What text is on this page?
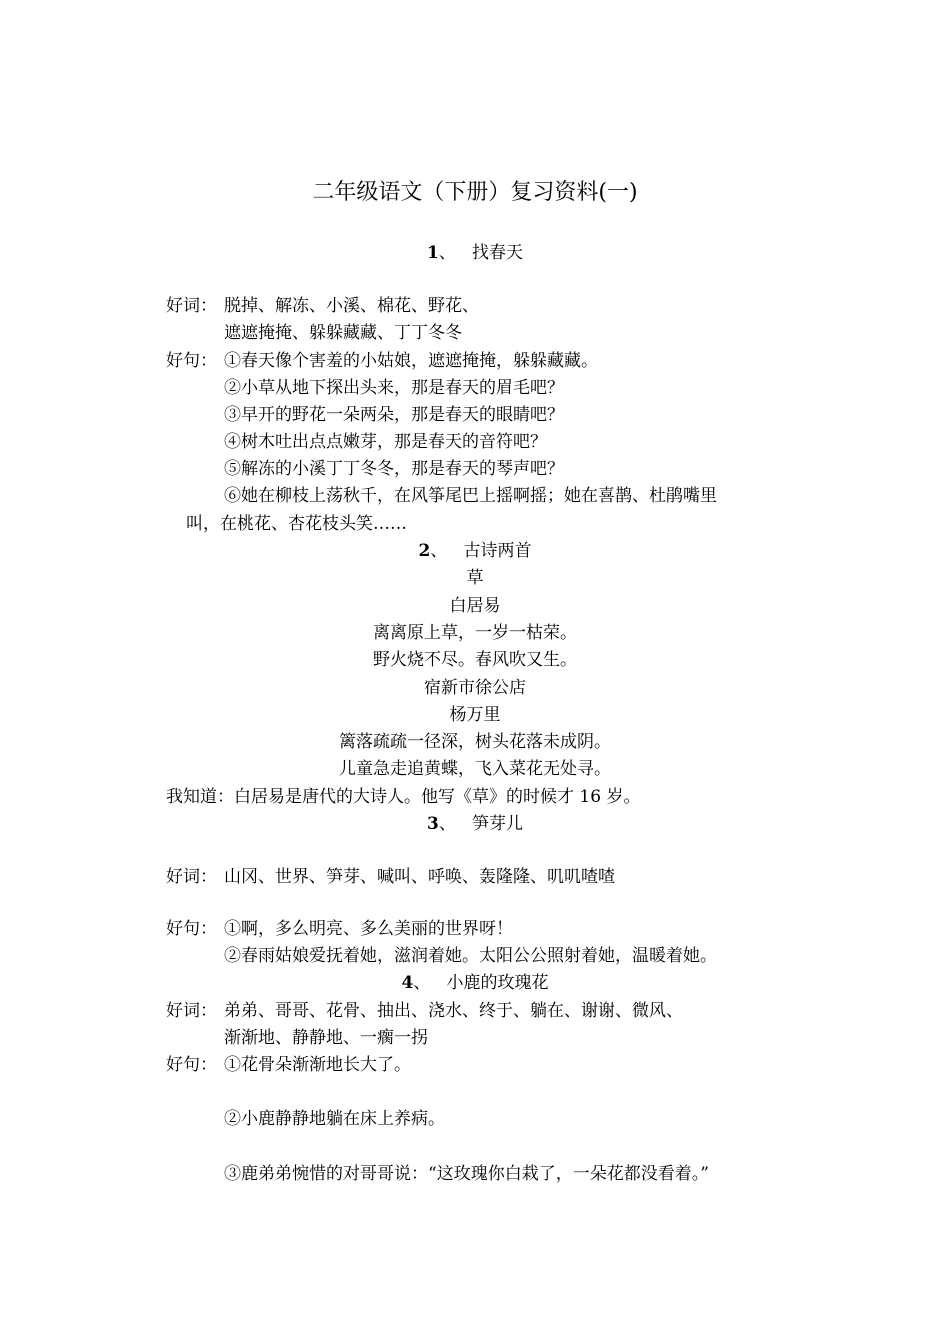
二年级语文（下册）复习资料(一)
1、 找春天
好词： 脱掉、解冻、小溪、棉花、野花、
遮遮掩掩、躲躲藏藏、丁丁冬冬
好句： ①春天像个害羞的小姑娘，遮遮掩掩，躲躲藏藏。
②小草从地下探出头来，那是春天的眉毛吧？
③早开的野花一朵两朵，那是春天的眼睛吧？
④树木吐出点点嫩芽，那是春天的音符吧？
⑤解冻的小溪丁丁冬冬，那是春天的琴声吧？
⑥她在柳枝上荡秋千，在风筝尾巴上摇啊摇；她在喜鹊、杜鹃嘴里
叫，在桃花、杏花枝头笑……
2、 古诗两首
草
白居易
离离原上草，一岁一枯荣。
野火烧不尽。春风吹又生。
宿新市徐公店
杨万里
篱落疏疏一径深，树头花落未成阴。
儿童急走追黄蝶，飞入菜花无处寻。
我知道：白居易是唐代的大诗人。他写《草》的时候才 16 岁。
3、 笋芽儿
好词： 山冈、世界、笋芽、喊叫、呼唤、轰隆隆、叽叽喳喳
好句： ①啊，多么明亮、多么美丽的世界呀！
②春雨姑娘爱抚着她，滋润着她。太阳公公照射着她，温暖着她。
4、 小鹿的玫瑰花
好词： 弟弟、哥哥、花骨、抽出、浇水、终于、躺在、谢谢、微风、
渐渐地、静静地、一瘸一拐
好句： ①花骨朵渐渐地长大了。
②小鹿静静地躺在床上养病。
③鹿弟弟惋惜的对哥哥说：“这玫瑰你白栽了，一朵花都没看着。”
